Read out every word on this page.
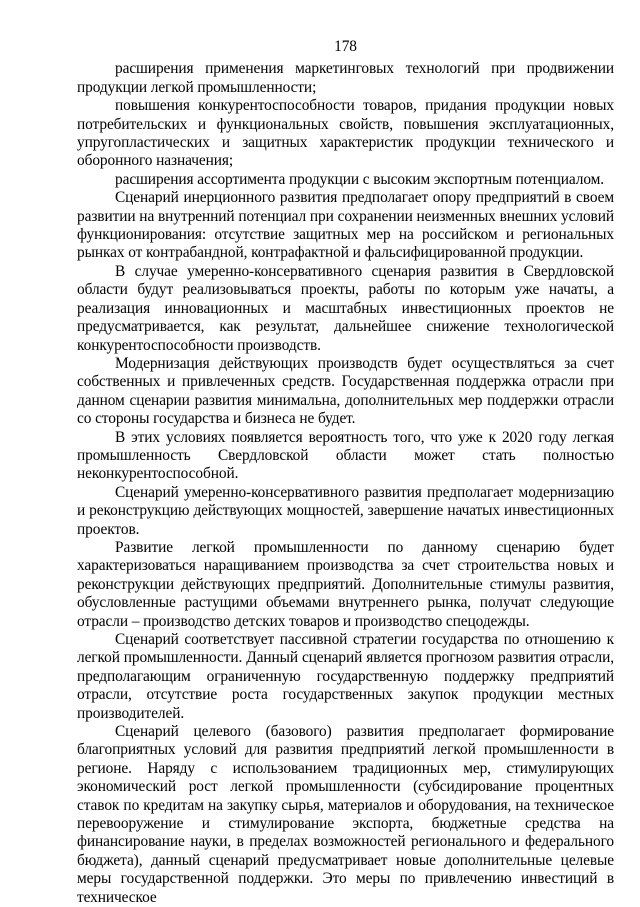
178

расширения применения маркетинговых технологий при продвижении продукции легкой промышленности;

повышения конкурентоспособности товаров, придания продукции новых потребительских и функциональных свойств, повышения эксплуатационных, упругопластических и защитных характеристик продукции технического и оборонного назначения;

расширения ассортимента продукции с высоким экспортным потенциалом.

Сценарий инерционного развития предполагает опору предприятий в своем развитии на внутренний потенциал при сохранении неизменных внешних условий функционирования: отсутствие защитных мер на российском и региональных рынках от контрабандной, контрафактной и фальсифицированной продукции.

В случае умеренно-консервативного сценария развития в Свердловской области будут реализовываться проекты, работы по которым уже начаты, а реализация инновационных и масштабных инвестиционных проектов не предусматривается, как результат, дальнейшее снижение технологической конкурентоспособности производств.

Модернизация действующих производств будет осуществляться за счет собственных и привлеченных средств. Государственная поддержка отрасли при данном сценарии развития минимальна, дополнительных мер поддержки отрасли со стороны государства и бизнеса не будет.

В этих условиях появляется вероятность того, что уже к 2020 году легкая промышленность Свердловской области может стать полностью неконкурентоспособной.

Сценарий умеренно-консервативного развития предполагает модернизацию и реконструкцию действующих мощностей, завершение начатых инвестиционных проектов.

Развитие легкой промышленности по данному сценарию будет характеризоваться наращиванием производства за счет строительства новых и реконструкции действующих предприятий. Дополнительные стимулы развития, обусловленные растущими объемами внутреннего рынка, получат следующие отрасли – производство детских товаров и производство спецодежды.

Сценарий соответствует пассивной стратегии государства по отношению к легкой промышленности. Данный сценарий является прогнозом развития отрасли, предполагающим ограниченную государственную поддержку предприятий отрасли, отсутствие роста государственных закупок продукции местных производителей.

Сценарий целевого (базового) развития предполагает формирование благоприятных условий для развития предприятий легкой промышленности в регионе. Наряду с использованием традиционных мер, стимулирующих экономический рост легкой промышленности (субсидирование процентных ставок по кредитам на закупку сырья, материалов и оборудования, на техническое перевооружение и стимулирование экспорта, бюджетные средства на финансирование науки, в пределах возможностей регионального и федерального бюджета), данный сценарий предусматривает новые дополнительные целевые меры государственной поддержки. Это меры по привлечению инвестиций в техническое
